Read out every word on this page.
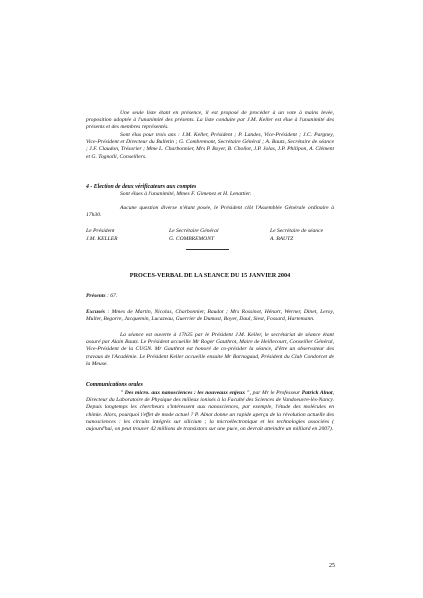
Une seule liste étant en présence, il est proposé de procéder à un vote à mains levée, proposition adoptée à l'unanimité des présents. La liste conduite par J.M. Keller est élue à l'unanimité des présents et des membres représentés.

Sont élus pour trois ans : J.M. Keller, Président ; P. Landes, Vice-Président ; J.C. Pargney, Vice-Président et Directeur du Bulletin ; G. Combremont, Secrétaire Général ; A. Bautz, Secrétaire de séance ; J.F. Claudon, Trésorier ; Mme L. Charbonnier, Mrs P. Boyer, B. Chollot, J.P. Jolas, J.P. Philipon, A. Clément et G. Tognolli, Conseillers.

4 - Election de deux vérificateurs aux comptes

Sont élues à l'unanimité, Mmes F. Gimenez et H. Lenattier.

Aucune question diverse n'étant posée, le Président clôt l'Assemblée Générale ordinaire à 17h30.

Le Président	Le Secrétaire Général	Le Secrétaire de séance
J.M. KELLER	G. COMBREMONT	A. BAUTZ

PROCES-VERBAL DE LA SEANCE DU 15 JANVIER 2004

Présents : 67.

Excusés : Mmes de Martin, Nicolas, Charbonnier, Baudot ; Mrs Rossinot, Hénart, Werner, Dinet, Leroy, Muller, Begorre, Jacquemin, Lucazeau, Guerrier de Dumast, Boyer, Daul, Siest, Fossard, Hartemann.

La séance est ouverte à 17h35 par le Président J.M. Keller, le secrétariat de séance étant assuré par Alain Bautz. Le Président accueille Mr Roger Gauthrot, Maire de Heillecourt, Conseiller Général, Vice-Président de la CUGN. Mr Gauthrot est honoré de co-présider la séance, d'être un observateur des travaux de l'Académie. Le Président Keller accueille ensuite Mr Barnagaud, Président du Club Condorcet de la Meuse.

Communications orales

" Des micro. aux nanosciences : les nouveaux enjeux ", par Mr le Professeur Patrick Alnot, Directeur du Laboratoire de Physique des milieux ionisés à la Faculté des Sciences de Vandoeuvre-lès-Nancy. Depuis longtemps les chercheurs s'intéressent aux nanosciences, par exemple, l'étude des molécules en chimie. Alors, pourquoi l'effet de mode actuel ? P. Alnot donne un rapide aperçu de la révolution actuelle des nanosciences : les circuits intégrés sur silicium ; la microélectronique et les technologies associées ( aujourd'hui, on peut trouver 42 millions de transistors sur une puce, on devrait atteindre un milliard en 2007).

25
